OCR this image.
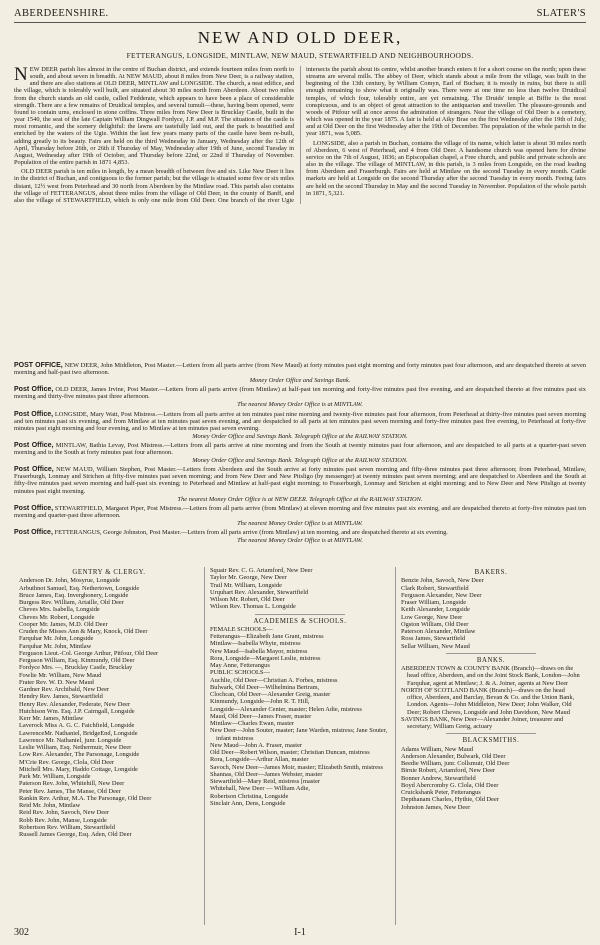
ABERDEENSHIRE.	SLATER'S
NEW AND OLD DEER,
FETTERANGUS, LONGSIDE, MINTLAW, NEW MAUD, STEWARTFIELD AND NEIGHBOURHOODS.

NEW DEER parish lies almost in the centre of Buchan district, and extends fourteen miles from north to south, and about seven in breadth. At NEW MAUD, about 8 miles from New Deer, is a railway station, and there are also stations at OLD DEER, MINTLAW and LONGSIDE. The church, a neat edifice, and the village, which is tolerably well built, are situated about 30 miles north from Aberdeen. About two miles from the church stands an old castle, called Fedderate, which appears to have been a place of considerable strength. There are a few remains of Druidical temples, and several tumuli—these, having been opened, were found to contain urns, enclosed in stone coffins. Three miles from New Deer is Brucklay Castle, built in the year 1540, the seat of the late Captain William Dingwall Fordyce, J.P. and M.P. The situation of the castle is most romantic, and the scenery delightful: the lawns are tastefully laid out, and the park is beautified and enriched by the waters of the Ugie. Within the last few years many parts of the castle have been re-built, adding greatly to its beauty. Fairs are held on the third Wednesday in January, Wednesday after the 12th of April, Thursday before 26th, or 26th if Thursday of May, Wednesday after 19th of June, second Tuesday in August, Wednesday after 19th of October, and Thursday before 22nd, or 22nd if Thursday of November. Population of the entire parish in 1871 4,853.

OLD DEER parish is ten miles in length, by a mean breadth of between five and six. Like New Deer it lies in the district of Buchan, and contiguous to the former parish; but the village is situated some five or six miles distant, 12½ west from Peterhead and 30 north from Aberdeen by the Mintlaw road. This parish also contains the village of FETTERANGUS, about three miles from the village of Old Deer, in the county of Banff, and also the village of STEWARTFIELD, which is only one mile from Old Deer. One branch of the river Ugie intersects the parish about its centre, whilst another branch enters it for a short course on the north; upon these streams are several mills. The abbey of Deer, which stands about a mile from the village, was built in the beginning of the 13th century, by William Comyn, Earl of Buchan; it is mostly in ruins, but there is still enough remaining to show what it originally was. There were at one time no less than twelve Druidical temples, of which four, tolerably entire, are yet remaining. The Druids' temple at Biffie is the most conspicuous, and is an object of great attraction to the antiquarian and traveller. The pleasure-grounds and woods of Pitfour will at once arrest the admiration of strangers. Near the village of Old Deer is a cemetery, which was opened in the year 1875. A fair is held at Aiky Brae on the first Wednesday after the 19th of July, and at Old Deer on the first Wednesday after the 19th of December. The population of the whole parish in the year 1871, was 5,085.

LONGSIDE, also a parish in Buchan, contains the village of its name, which latter is about 30 miles north of Aberdeen, 6 west of Peterhead, and 4 from Old Deer. A handsome church was opened here for divine service on the 7th of August, 1836; an Episcopalian chapel, a Free church, and public and private schools are also in the village. The village of MINTLAW, in this parish, is 3 miles from Longside, on the road leading from Aberdeen and Fraserburgh. Fairs are held at Mintlaw on the second Tuesday in every month. Cattle markets are held at Longside on the second Thursday after the second Tuesday in every month. Feeing fairs are held on the second Thursday in May and the second Tuesday in November. Population of the whole parish in 1871, 5,321.

POST OFFICE, NEW DEER, John Middleton, Post Master.—Letters from all parts arrive (from New Maud) at forty minutes past eight morning and forty minutes past four afternoon, and are despatched thereto at seven morning and half-past two afternoon.
Money Order Office and Savings Bank.

Post Office, OLD DEER, James Irvine, Post Master.—Letters from all parts arrive (from Mintlaw) at half-past ten morning and forty-five minutes past five evening, and are despatched thereto at five minutes past six morning and thirty-five minutes past three afternoon.
The nearest Money Order Office is at MINTLAW.

Post Office, LONGSIDE, Mary Watt, Post Mistress.—Letters from all parts arrive at ten minutes past nine morning and twenty-five minutes past four afternoon, from Peterhead at thirty-five minutes past seven morning and ten minutes past six evening, and from Mintlaw at ten minutes past seven evening, and are despatched to all parts at ten minutes past seven morning and forty-five minutes past five evening, to Peterhead at forty-five minutes past eight morning and four evening, and to Mintlaw at ten minutes past seven evening.
Money Order Office and Savings Bank. Telegraph Office at the RAILWAY STATION.

Post Office, MINTLAW, Bathia Levay, Post Mistress.—Letters from all parts arrive at nine morning and from the South at twenty minutes past four afternoon, and are despatched to all parts at a quarter-past seven morning and to the South at forty minutes past four afternoon.
Money Order Office and Savings Bank. Telegraph Office at the RAILWAY STATION.

Post Office, NEW MAUD, William Stephen, Post Master.—Letters from Aberdeen and the South arrive at forty minutes past seven morning and fifty-three minutes past three afternoon; from Peterhead, Mintlaw, Fraserburgh, Lonmay and Strichen at fifty-five minutes past seven morning; and from New Deer and New Pitsligo (by messenger) at twenty minutes past seven morning; and are despatched to Aberdeen and the South at fifty-five minutes past seven morning and half-past six evening; to Peterhead and Mintlaw at half-past eight morning; to Fraserburgh, Lonmay and Strichen at eight morning; and to New Deer and New Pitsligo at twenty minutes past eight morning.
The nearest Money Order Office is at NEW DEER. Telegraph Office at the RAILWAY STATION.

Post Office, STEWARTFIELD, Margaret Piper, Post Mistress.—Letters from all parts arrive (from Mintlaw) at eleven morning and five minutes past six evening, and are despatched thereto at forty-five minutes past ten morning and quarter-past three afternoon.
The nearest Money Order Office is at MINTLAW.

Post Office, FETTERANGUS, George Johnston, Post Master.—Letters from all parts arrive (from Mintlaw) at ten morning, and are despatched thereto at six evening.
The nearest Money Order Office is at MINTLAW.

GENTRY & CLERGY.
Anderson Dr. John, Mosyrue, Longside
Arbuthnot Samuel, Esq. Nethertown, Longside
Bruce James, Esq. Inverghonery, Longside
Burgess Rev. William, Artaille, Old Deer
Cheves Mrs. Isabella, Longside
Cheves Mr. Robert, Longside
Cooper Mr. James, M.D. Old Deer
Cruden the Misses Ann & Mary, Knock, Old Deer
Farquhar Mr. John, Longside
Farquhar Mr. John, Mintlaw
Ferguson Lieut.-Col. George Arthur, Pitfour, Old Deer
Ferguson William, Esq. Kinmundy, Old Deer
Fordyce Mrs. —, Brucklay Castle, Brucklay
Fowlie Mr. William, New Maud
Frater Rev. W. D. New Maud
Gardner Rev. Archibald, New Deer
Hendry Rev. James, Stewartfield
Henry Rev. Alexander, Federate, New Deer
Hutchison Wm. Esq. J.P. Cairngall, Longside
Kerr Mr. James, Mintlaw
Laverock Miss A. G. C. Faichfield, Longside
LawrenceMr. Nathaniel, BridgeEnd, Longside
Lawrence Mr. Nathaniel, junr. Longside
Leslie William, Esq. Nethermuir, New Deer
Low Rev. Alexander, The Parsonage, Longside
M'Crie Rev. George, Clola, Old Deer
Mitchell Mrs. Mary, Haddo Cottage, Longside
Park Mr. William, Longside
Paterson Rev. John, Whitehill, New Deer
Peter Rev. James, The Manse, Old Deer
Rankin Rev. Arthur, M.A. The Parsonage, Old Deer
Reid Mr. John, Mintlaw
Reid Rev. John, Savoch, New Deer
Robb Rev. John, Manse, Longside
Robertson Rev. William, Stewartfield
Russell James George, Esq. Aden, Old Deer
Squair Rev. C. G. Artamford, New Deer
Taylor Mr. George, New Deer
Trail Mr. William, Longside
Urquhart Rev. Alexander, Stewartfield
Wilson Mr. Robert, Old Deer
Wilson Rev. Thomas L. Longside
ACADEMIES & SCHOOLS.
FEMALE SCHOOLS—
Fetterangus—Elizabeth Jane Grant, mistress
Mintlaw—Isabella Whyte, mistress
New Maud—Isabella Mayor, mistress
Rora, Longside—Margaret Leslie, mistress
May Anne, Fetterangus
PUBLIC SCHOOLS—
Auchlie, Old Deer—Christian A. Forbes, mistress
Bulwark, Old Deer—Wilhelmina Bertram,
Clochcan, Old Deer—Alexander Greig, master
Kinmundy, Longside—John R. T. Hill,
Longside—Alexander Center, master; Helen Adie, mistress
Maud, Old Deer—James Fraser, master
Mintlaw—Charles Ewan, master
New Deer—John Souter, master; Jane Warden, mistress; Jane Souter, infant mistress
New Maud—John A. Fraser, master
Old Deer—Robert Wilson, master; Christian Duncan, mistress
Rora, Longside—Arthur Allan, master
Savoch, New Deer—James Moir, master; Elizabeth Smith, mistress
Shannas, Old Deer—James Webster, master
Stewartfield—Mary Reid, mistress [master
Whitehall, New Deer — William Adie,
Robertson Christina, Longside
Sinclair Ann, Dens, Longside
BAKERS.
Benzie John, Savoch, New Deer
Clark Robert, Stewartfield
Ferguson Alexander, New Deer
Fraser William, Longside
Keith Alexander, Longside
Low George, New Deer
Ogston William, Old Deer
Paterson Alexander, Mintlaw
Ross James, Stewartfield
Sellar William, New Maud
BANKS.
ABERDEEN TOWN & COUNTY BANK (Branch)—draws on the head office, Aberdeen, and on the Joint Stock Bank, London—John Farquhar, agent at Mintlaw; J. & A. Joiner, agents at New Deer
NORTH OF SCOTLAND BANK (Branch)—draws on the head office, Aberdeen, and Barclay, Bevan & Co. and the Union Bank, London. Agents—John Middleton, New Deer; John Walker, Old Deer; Robert Cheves, Longside and John Davidson, New Maud
SAVINGS BANK, New Deer—Alexander Joiner, treasurer and secretary; William Greig, actuary
BLACKSMITHS.
Adams William, New Maud
Anderson Alexander, Bulwark, Old Deer
Beedie William, junr. Collsmuir, Old Deer
Birnie Robert, Artamford, New Deer
Bonner Andrew, Stewartfield
Boyd Abercromby G. Clola, Old Deer
Cruickshank Peter, Fetterangus
Depthanam Charles, Hythie, Old Deer
Johnston James, New Deer
302	I-1
